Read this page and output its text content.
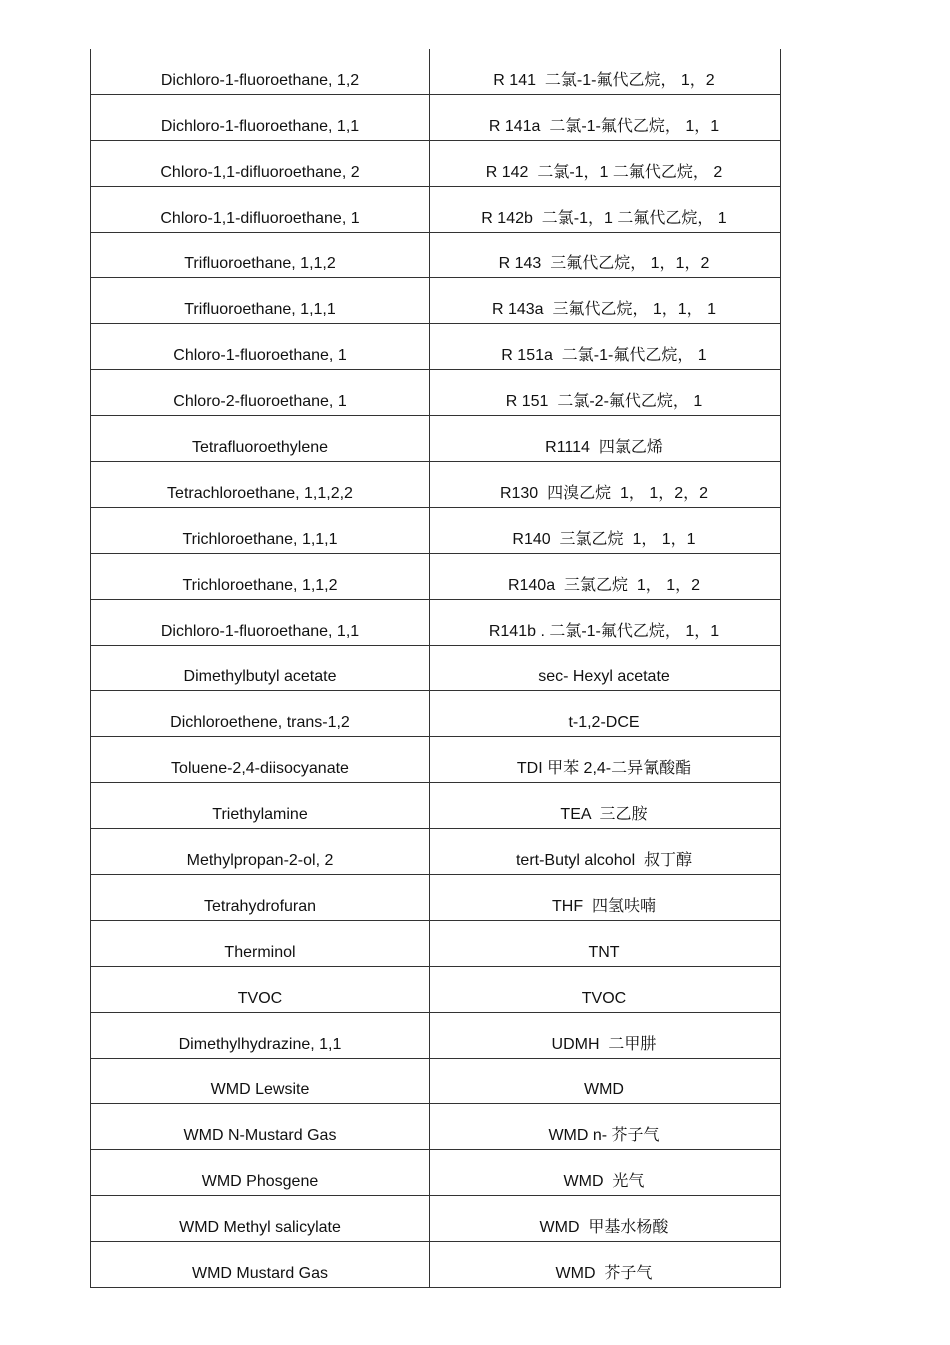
Dichloro-1-fluoroethane, 1,2	R 141  二氯-1-氟代乙烷， 1，2
Dichloro-1-fluoroethane, 1,1	R 141a  二氯-1-氟代乙烷， 1，1
Chloro-1,1-difluoroethane, 2	R 142  二氯-1，1 二氟代乙烷， 2
Chloro-1,1-difluoroethane, 1	R 142b  二氯-1，1 二氟代乙烷， 1
Trifluoroethane, 1,1,2	R 143  三氟代乙烷， 1，1，2
Trifluoroethane, 1,1,1	R 143a  三氟代乙烷， 1，1， 1
Chloro-1-fluoroethane, 1	R 151a  二氯-1-氟代乙烷， 1
Chloro-2-fluoroethane, 1	R 151  二氯-2-氟代乙烷， 1
Tetrafluoroethylene	R1114  四氯乙烯
Tetrachloroethane, 1,1,2,2	R130  四溴乙烷  1， 1，2，2
Trichloroethane, 1,1,1	R140  三氯乙烷  1， 1，1
Trichloroethane, 1,1,2	R140a  三氯乙烷  1， 1，2
Dichloro-1-fluoroethane, 1,1	R141b . 二氯-1-氟代乙烷， 1，1
Dimethylbutyl acetate	sec- Hexyl acetate
Dichloroethene, trans-1,2	t-1,2-DCE
Toluene-2,4-diisocyanate	TDI 甲苯 2,4-二异氰酸酯
Triethylamine	TEA  三乙胺
Methylpropan-2-ol, 2	tert-Butyl alcohol  叔丁醇
Tetrahydrofuran	THF  四氢呋喃
Therminol	TNT
TVOC	TVOC
Dimethylhydrazine, 1,1	UDMH  二甲肼
WMD Lewsite	WMD
WMD N-Mustard Gas	WMD n- 芥子气
WMD Phosgene	WMD  光气
WMD Methyl salicylate	WMD  甲基水杨酸
WMD Mustard Gas	WMD  芥子气
